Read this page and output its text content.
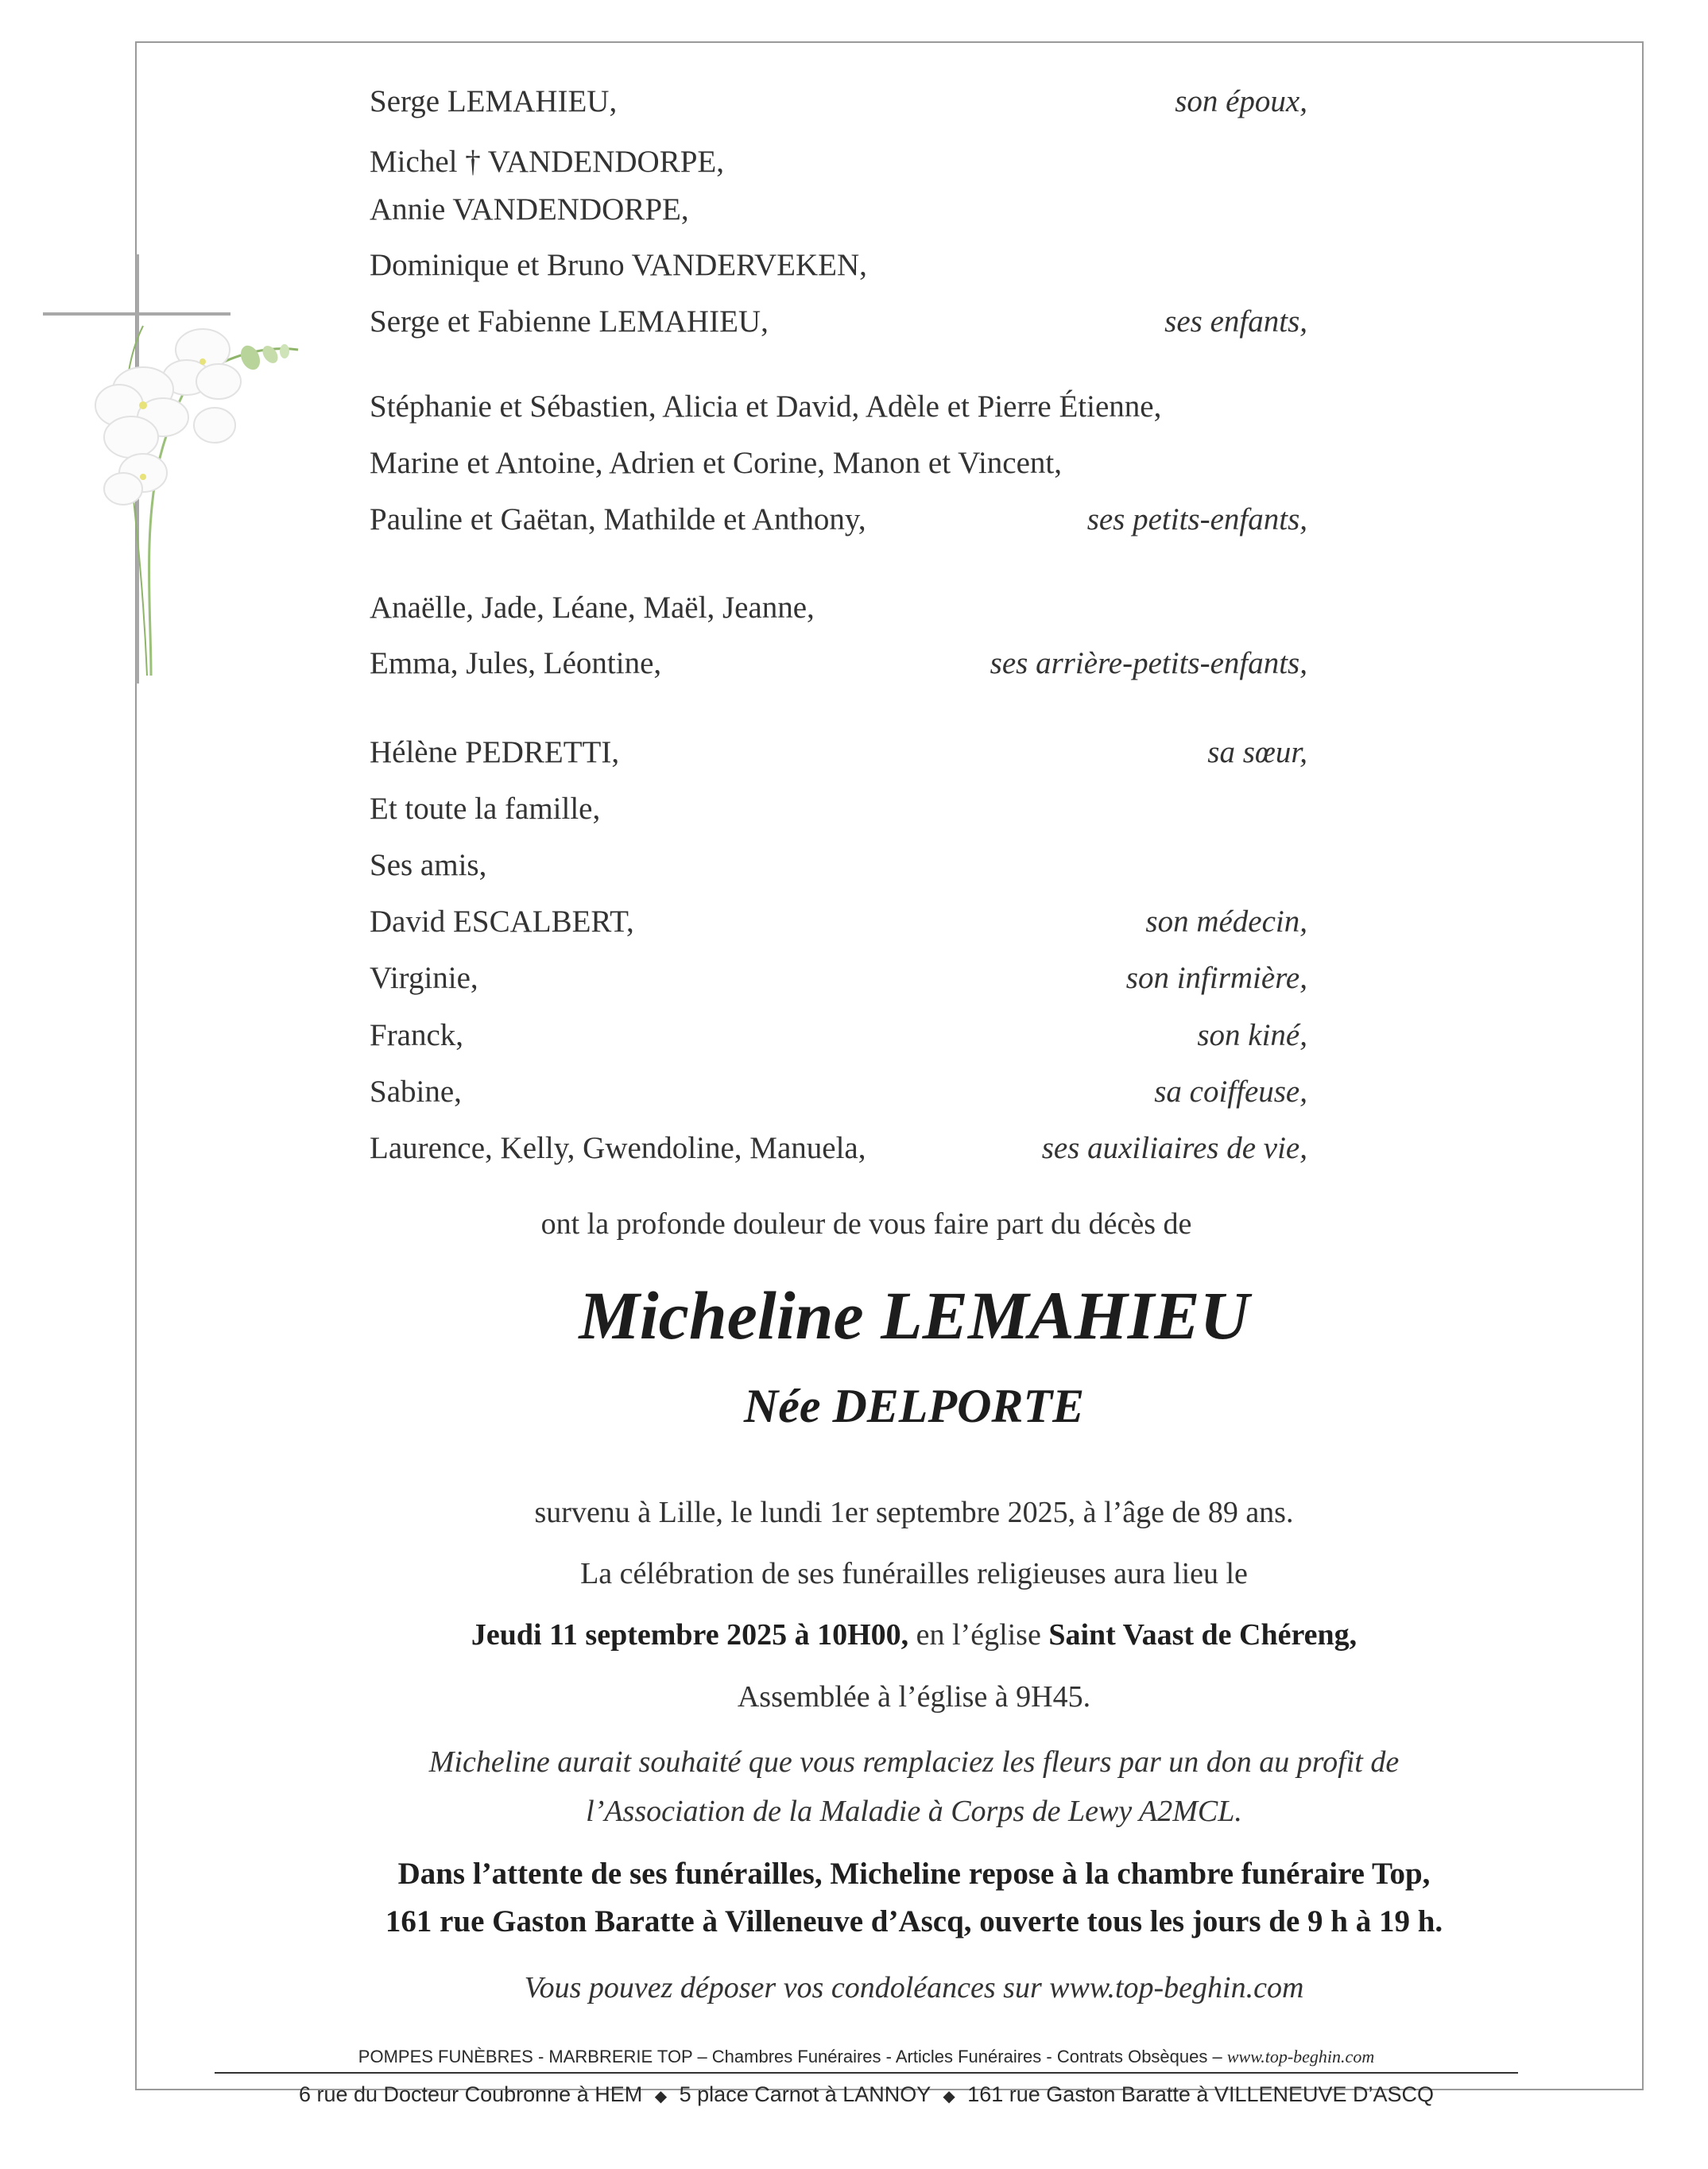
Serge LEMAHIEU,	son époux,
Michel † VANDENDORPE,
Annie VANDENDORPE,
Dominique et Bruno VANDERVEKEN,
Serge et Fabienne LEMAHIEU,	ses enfants,
Stéphanie et Sébastien, Alicia et David, Adèle et Pierre Étienne,
Marine et Antoine, Adrien et Corine, Manon et Vincent,
Pauline et Gaëtan, Mathilde et Anthony,	ses petits-enfants,
Anaëlle, Jade, Léane, Maël, Jeanne,
Emma, Jules, Léontine,	ses arrière-petits-enfants,
Hélène PEDRETTI,	sa sœur,
Et toute la famille,
Ses amis,
David ESCALBERT,	son médecin,
Virginie,	son infirmière,
Franck,	son kiné,
Sabine,	sa coiffeuse,
Laurence, Kelly, Gwendoline, Manuela,	ses auxiliaires de vie,
ont la profonde douleur de vous faire part du décès de
Micheline LEMAHIEU
Née DELPORTE
survenu à Lille, le lundi 1er septembre 2025, à l’âge de 89 ans.
La célébration de ses funérailles religieuses aura lieu le
Jeudi 11 septembre 2025 à 10H00, en l’église Saint Vaast de Chéreng,
Assemblée à l’église à 9H45.
Micheline aurait souhaité que vous remplaciez les fleurs par un don au profit de
l’Association de la Maladie à Corps de Lewy A2MCL.
Dans l’attente de ses funérailles, Micheline repose à la chambre funéraire Top,
161 rue Gaston Baratte à Villeneuve d’Ascq, ouverte tous les jours de 9 h à 19 h.
Vous pouvez déposer vos condoléances sur www.top-beghin.com
POMPES FUNÈBRES - MARBRERIE TOP – Chambres Funéraires - Articles Funéraires - Contrats Obsèques – www.top-beghin.com
6 rue du Docteur Coubronne à HEM ◆ 5 place Carnot à LANNOY ◆ 161 rue Gaston Baratte à VILLENEUVE D’ASCQ
